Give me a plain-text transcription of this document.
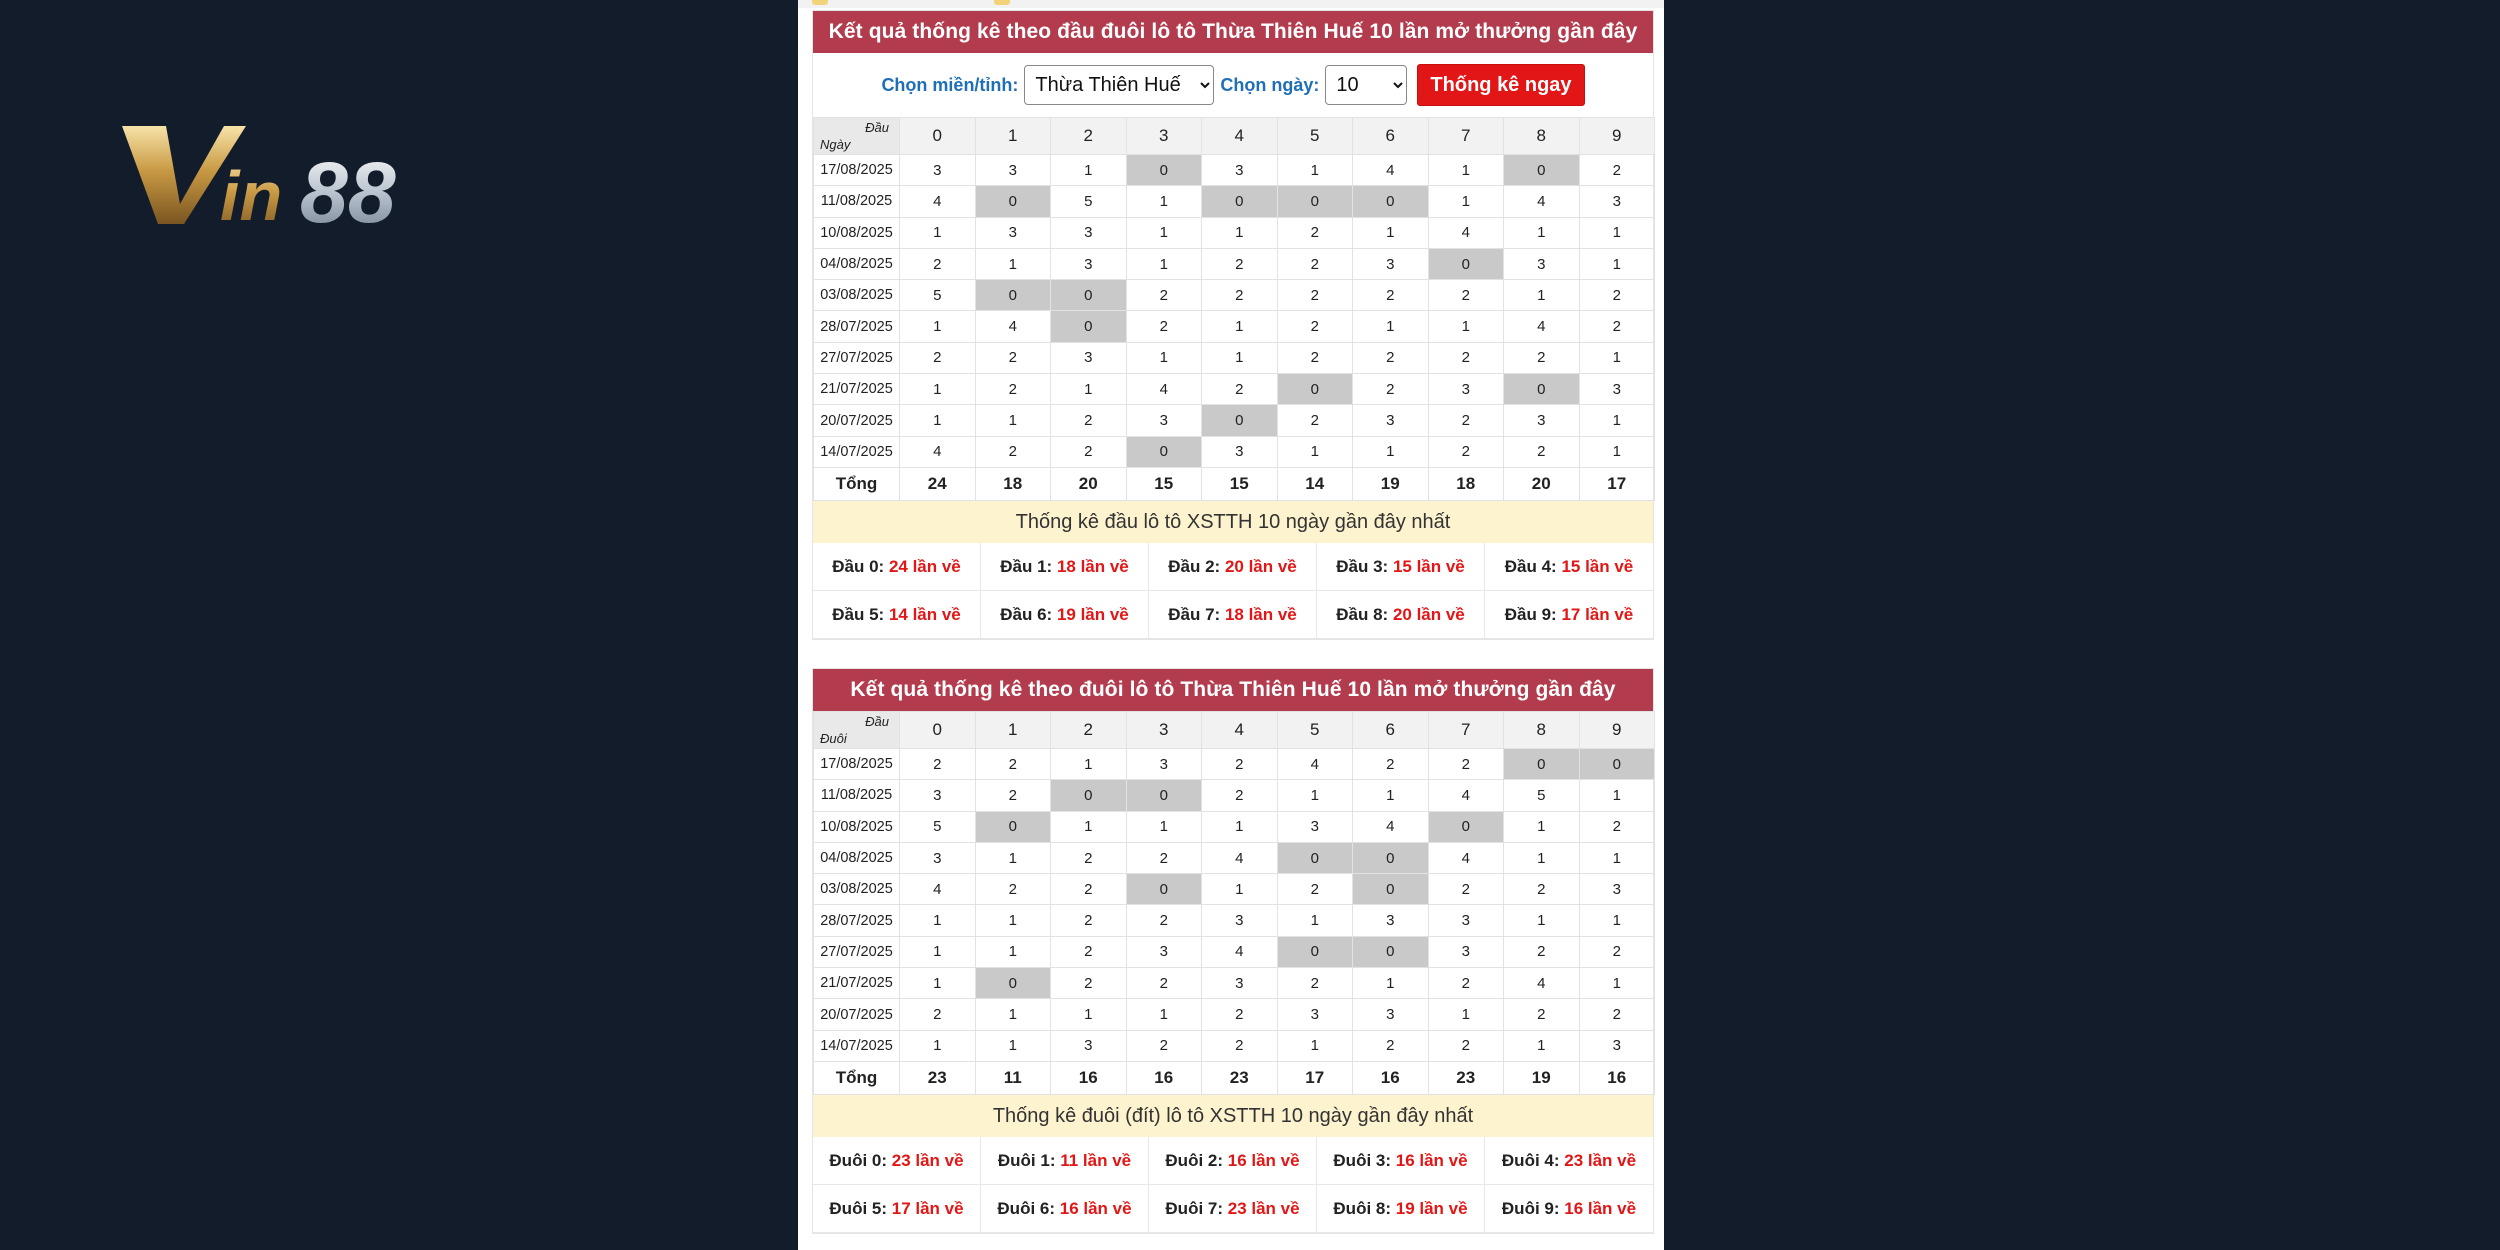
in 88
Kết quả thống kê theo đầu đuôi lô tô Thừa Thiên Huế 10 lần mở thưởng gần đây
Chọn miền/tỉnh:
Thừa Thiên Huế	Chọn ngày:
10	Thống kê ngay
Đầu
Ngày	0	1	2	3	4	5	6	7	8	9
17/08/2025	3	3	1	0	3	1	4	1	0	2
11/08/2025	4	0	5	1	0	0	0	1	4	3
10/08/2025	1	3	3	1	1	2	1	4	1	1
04/08/2025	2	1	3	1	2	2	3	0	3	1
03/08/2025	5	0	0	2	2	2	2	2	1	2
28/07/2025	1	4	0	2	1	2	1	1	4	2
27/07/2025	2	2	3	1	1	2	2	2	2	1
21/07/2025	1	2	1	4	2	0	2	3	0	3
20/07/2025	1	1	2	3	0	2	3	2	3	1
14/07/2025	4	2	2	0	3	1	1	2	2	1
Tổng	24	18	20	15	15	14	19	18	20	17
Thống kê đầu lô tô XSTTH 10 ngày gần đây nhất
Đầu 0: 24 lần về	Đầu 1: 18 lần về	Đầu 2: 20 lần về	Đầu 3: 15 lần về	Đầu 4: 15 lần về
Đầu 5: 14 lần về	Đầu 6: 19 lần về	Đầu 7: 18 lần về	Đầu 8: 20 lần về	Đầu 9: 17 lần về
Kết quả thống kê theo đuôi lô tô Thừa Thiên Huế 10 lần mở thưởng gần đây
Đầu
Đuôi	0	1	2	3	4	5	6	7	8	9
17/08/2025	2	2	1	3	2	4	2	2	0	0
11/08/2025	3	2	0	0	2	1	1	4	5	1
10/08/2025	5	0	1	1	1	3	4	0	1	2
04/08/2025	3	1	2	2	4	0	0	4	1	1
03/08/2025	4	2	2	0	1	2	0	2	2	3
28/07/2025	1	1	2	2	3	1	3	3	1	1
27/07/2025	1	1	2	3	4	0	0	3	2	2
21/07/2025	1	0	2	2	3	2	1	2	4	1
20/07/2025	2	1	1	1	2	3	3	1	2	2
14/07/2025	1	1	3	2	2	1	2	2	1	3
Tổng	23	11	16	16	23	17	16	23	19	16
Thống kê đuôi (đít) lô tô XSTTH 10 ngày gần đây nhất
Đuôi 0: 23 lần về	Đuôi 1: 11 lần về	Đuôi 2: 16 lần về	Đuôi 3: 16 lần về	Đuôi 4: 23 lần về
Đuôi 5: 17 lần về	Đuôi 6: 16 lần về	Đuôi 7: 23 lần về	Đuôi 8: 19 lần về	Đuôi 9: 16 lần về
